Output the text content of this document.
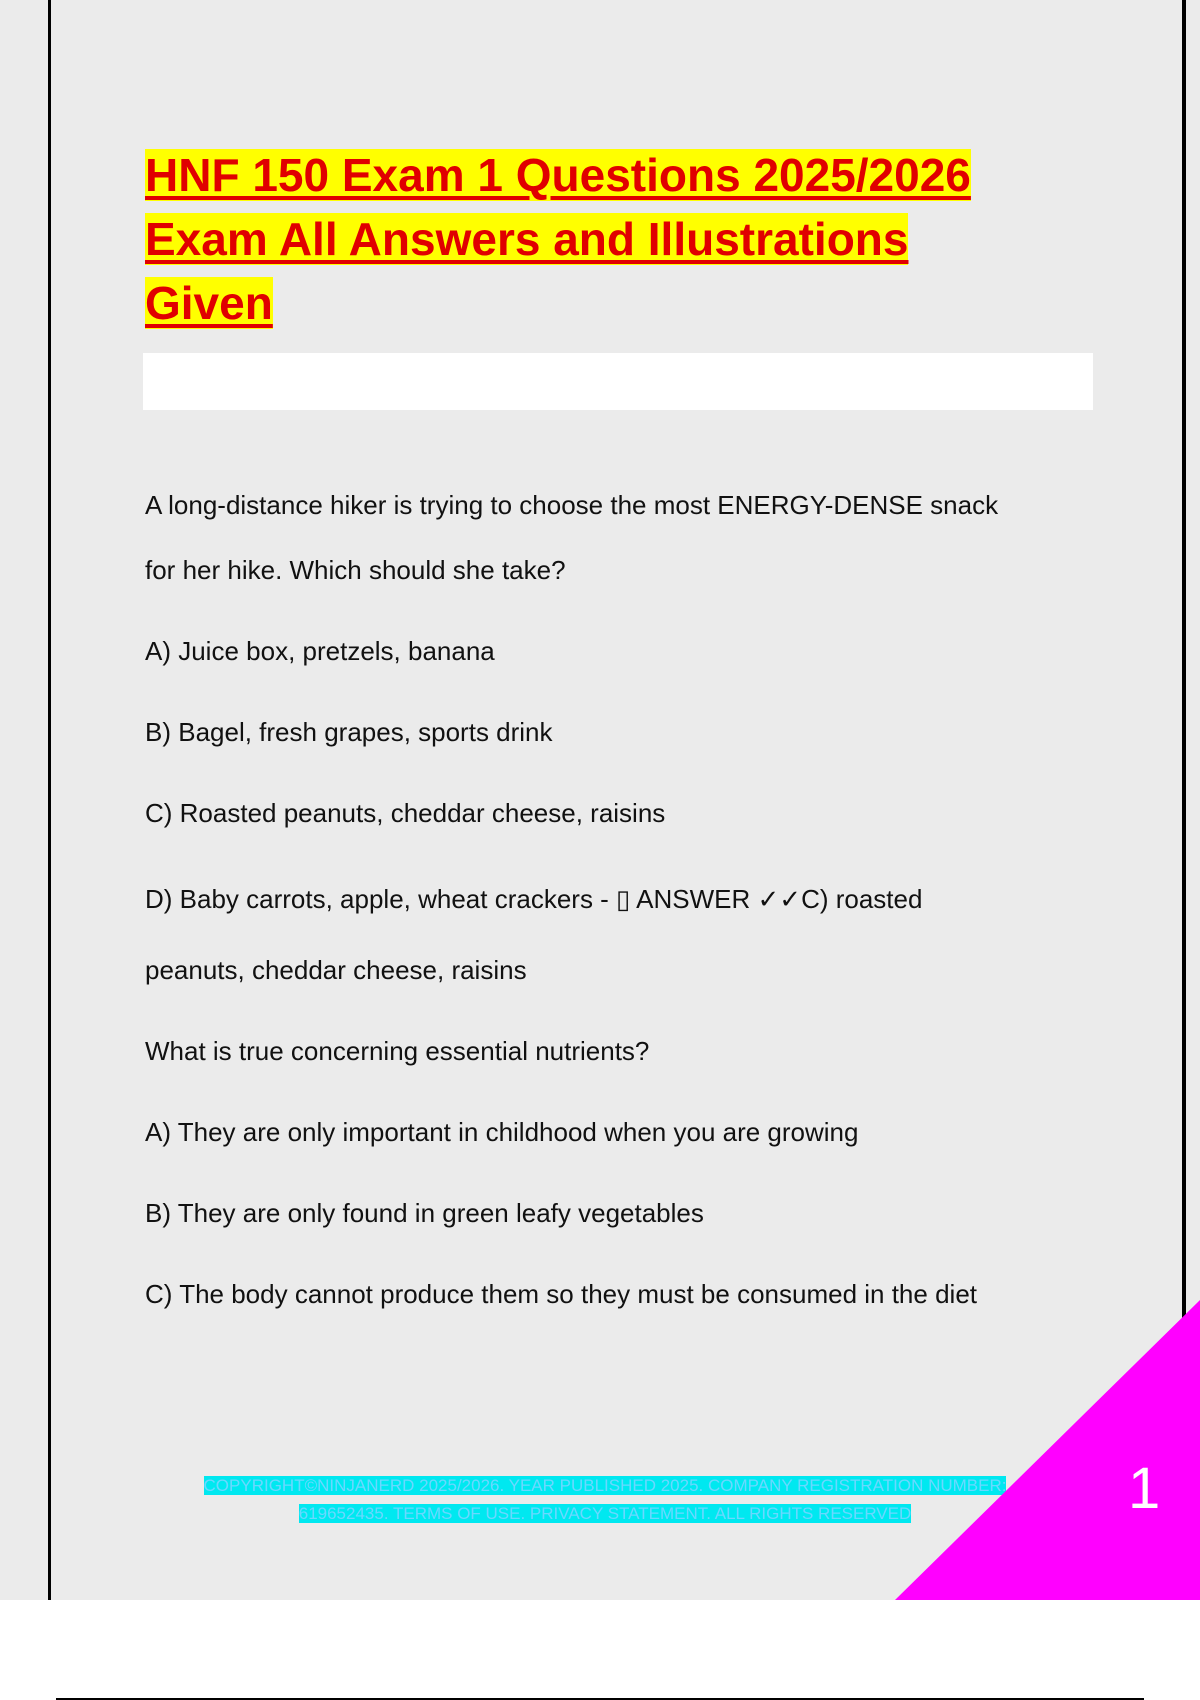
HNF 150 Exam 1 Questions 2025/2026
Exam All Answers and Illustrations
Given

A long-distance hiker is trying to choose the most ENERGY-DENSE snack

for her hike. Which should she take?

A) Juice box, pretzels, banana

B) Bagel, fresh grapes, sports drink

C) Roasted peanuts, cheddar cheese, raisins

D) Baby carrots, apple, wheat crackers - ▯ ANSWER ✓✓C) roasted

peanuts, cheddar cheese, raisins

What is true concerning essential nutrients?

A) They are only important in childhood when you are growing

B) They are only found in green leafy vegetables

C) The body cannot produce them so they must be consumed in the diet

COPYRIGHT©NINJANERD 2025/2026. YEAR PUBLISHED 2025. COMPANY REGISTRATION NUMBER:
619652435. TERMS OF USE. PRIVACY STATEMENT. ALL RIGHTS RESERVED	1
